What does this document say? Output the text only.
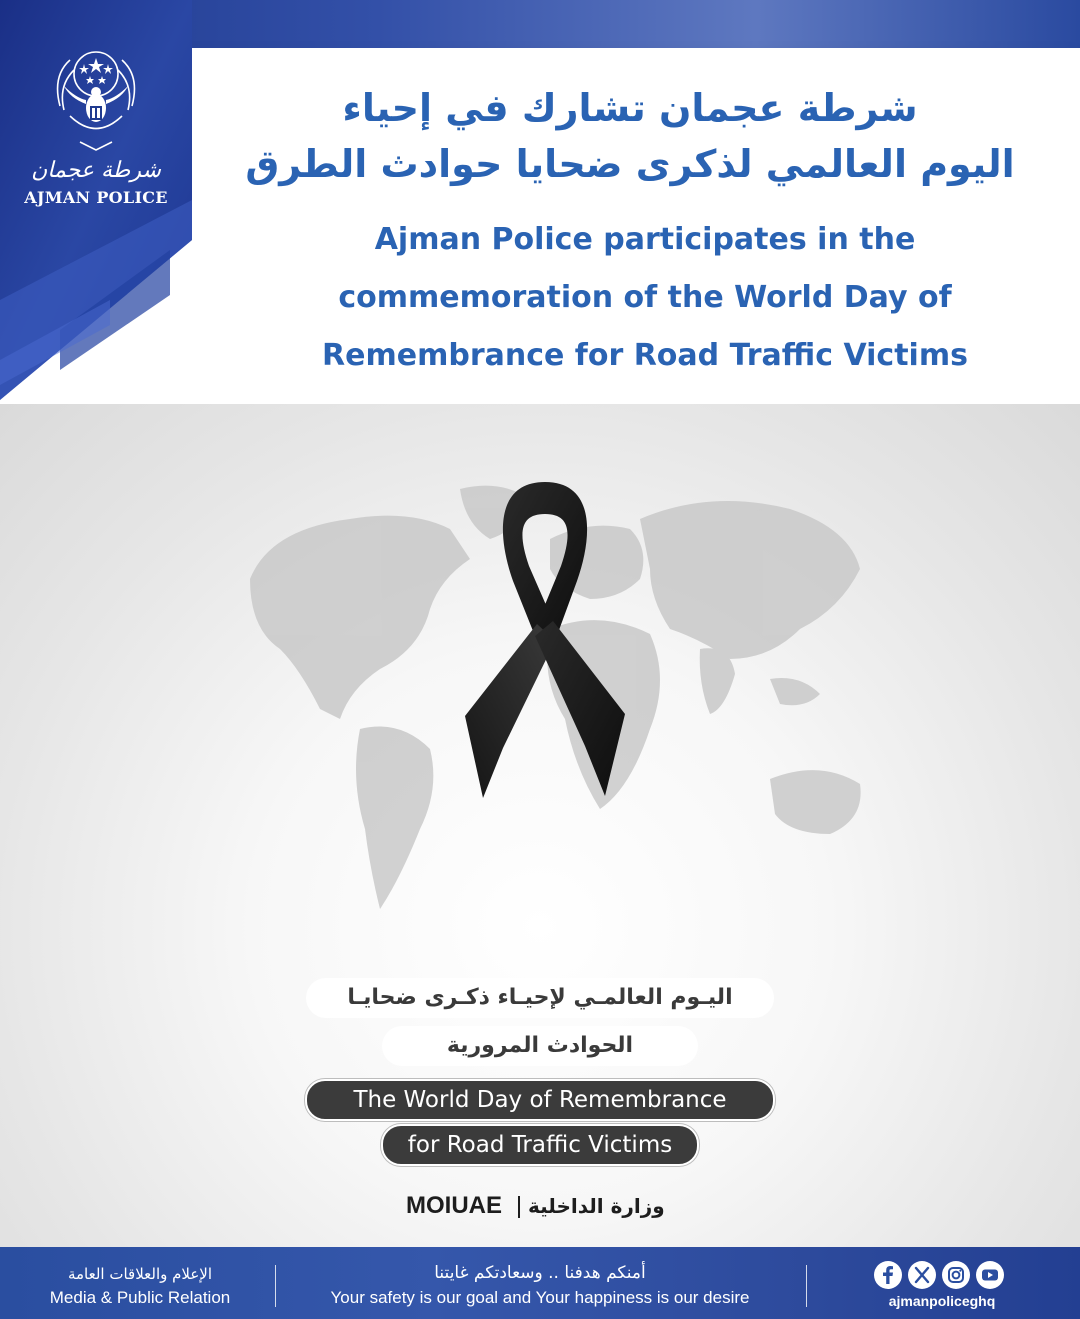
شرطة عجمان تشارك في إحياء
اليوم العالمي لذكرى ضحايا حوادث الطرق
Ajman Police participates in the
commemoration of the World Day of
Remembrance for Road Traffic Victims
شرطة عجمان
AJMAN POLICE
اليـوم العالمـي لإحيـاء ذكـرى ضحايـا
الحوادث المرورية
The World Day of Remembrance
for Road Traffic Victims
MOIUAE وزارة الداخلية
الإعلام والعلاقات العامة
Media & Public Relation
أمنكم هدفنا .. وسعادتكم غايتنا
Your safety is our goal and Your happiness is our desire	ajmanpoliceghq
